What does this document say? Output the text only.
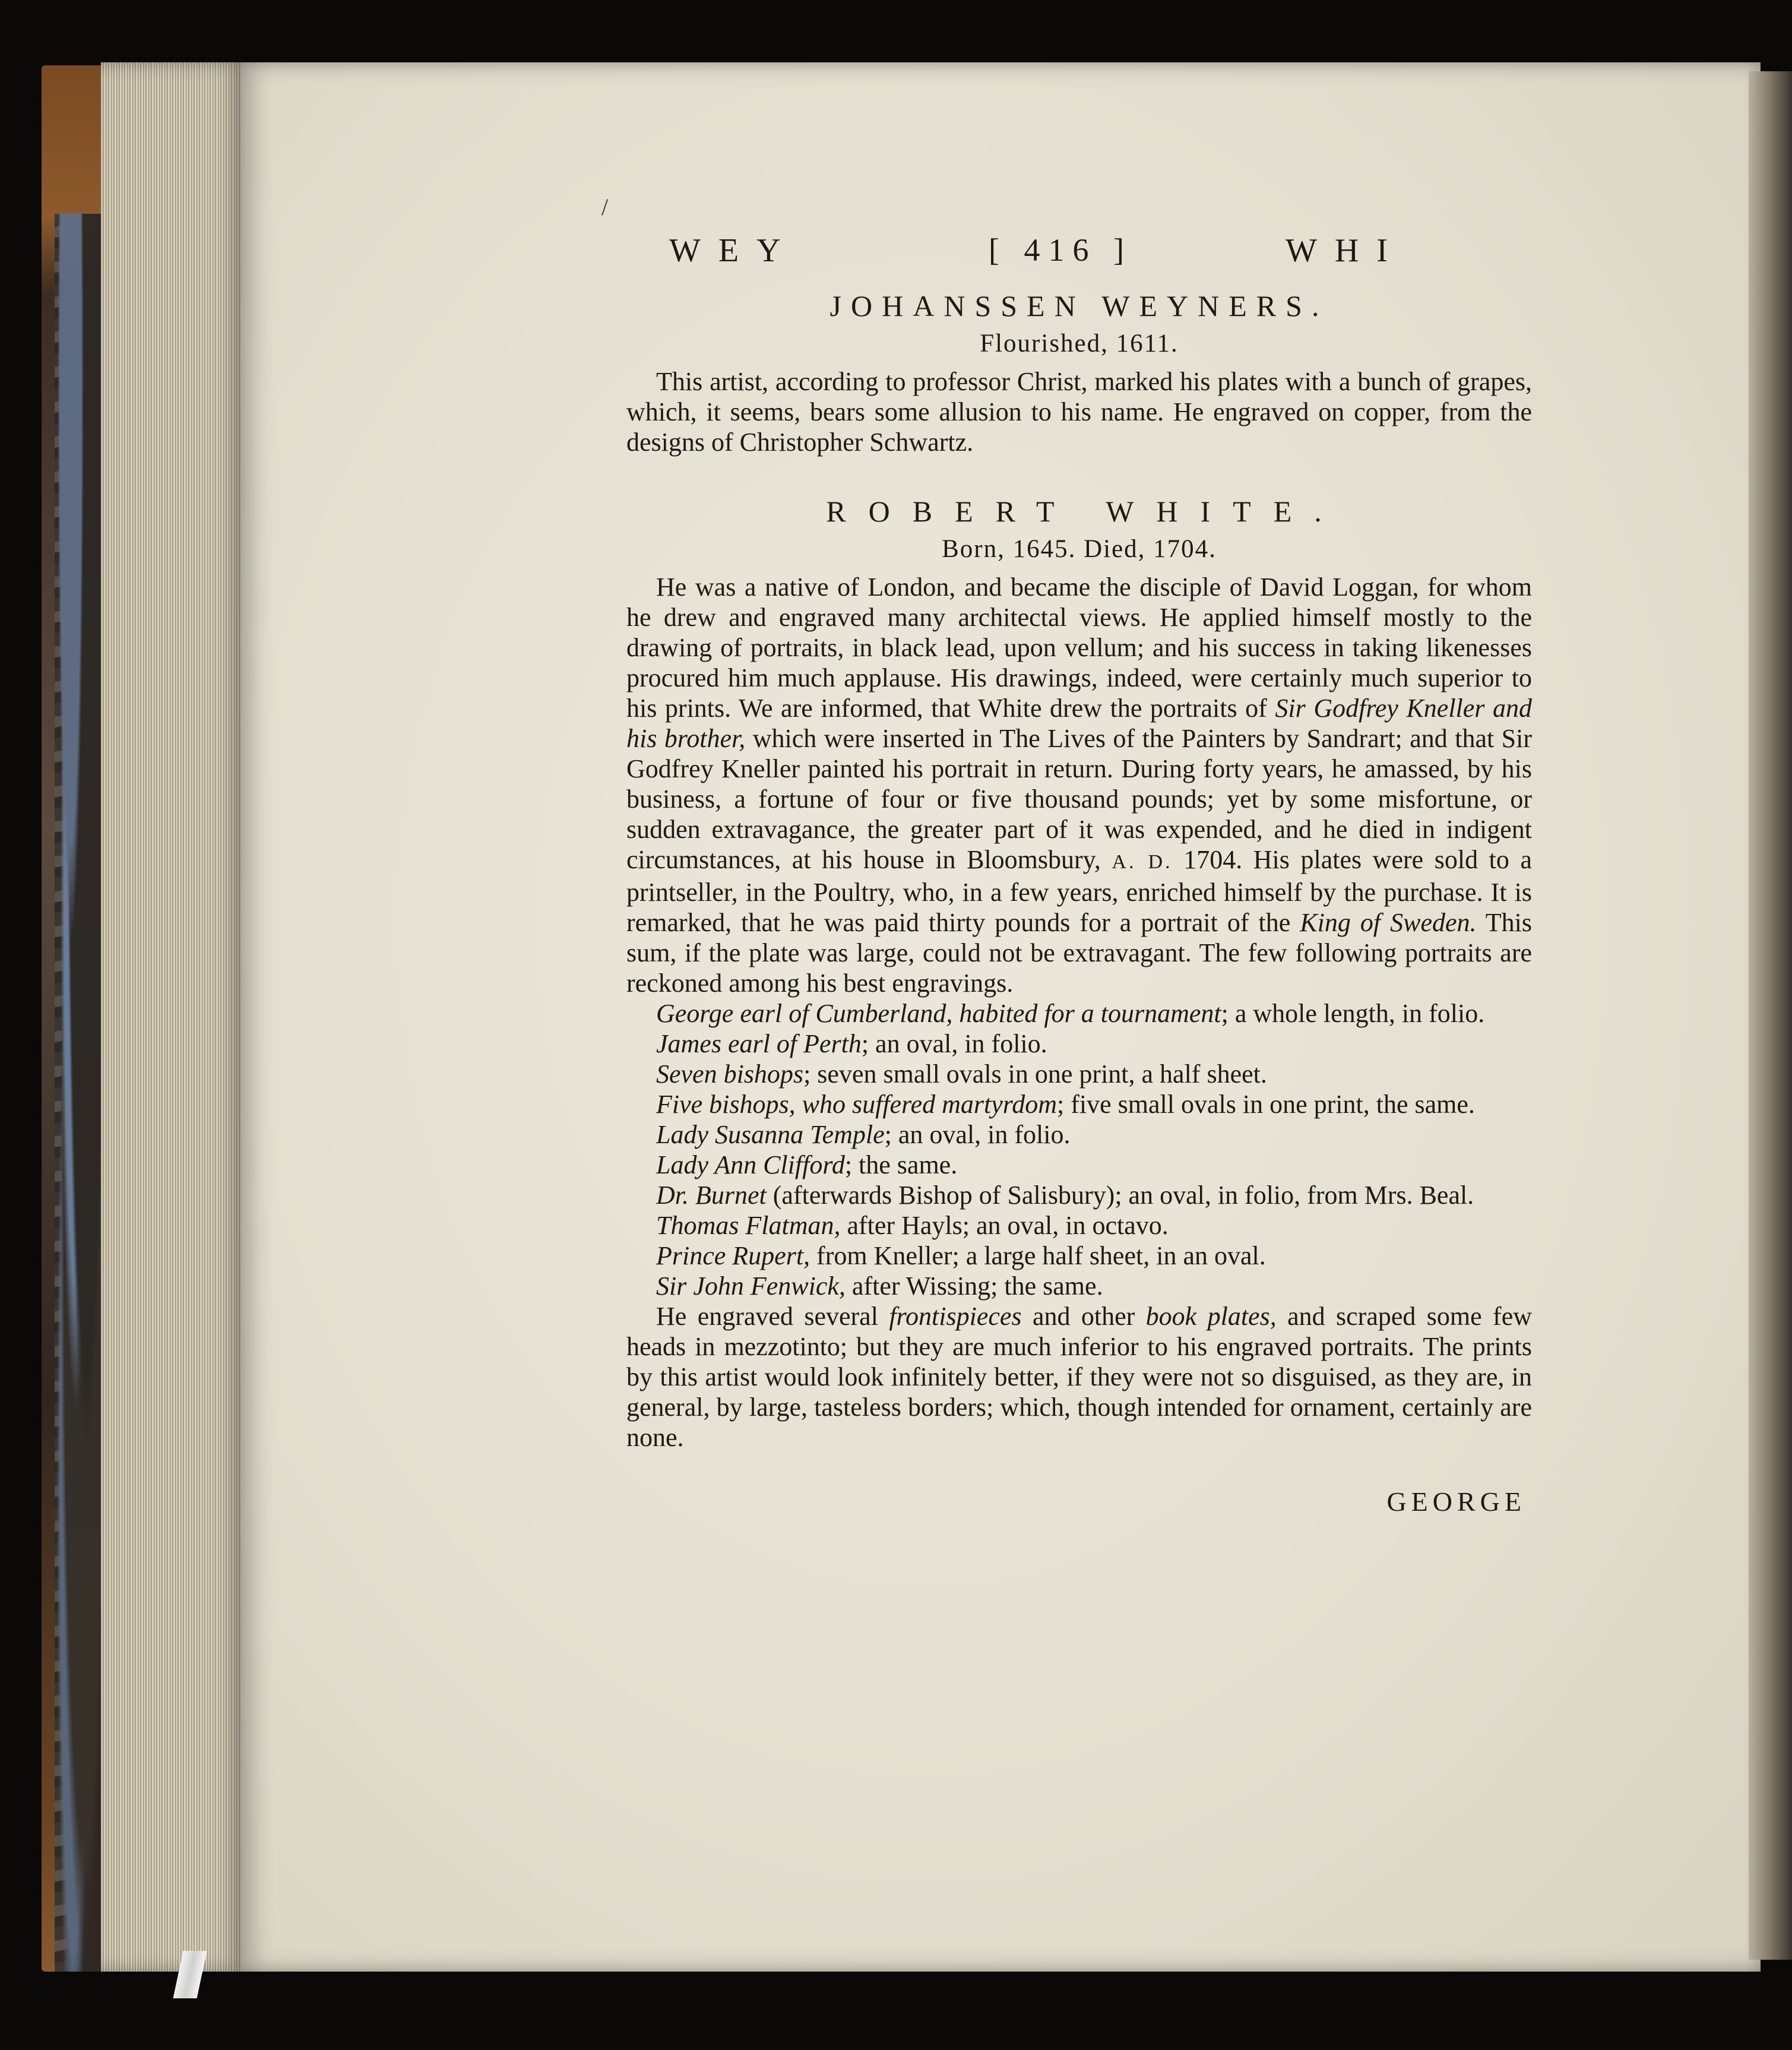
/
WEY	[ 416 ]	WHI
JOHANSSEN WEYNERS.
Flourished, 1611.

This artist, according to professor Christ, marked his plates with a bunch of grapes, which, it seems, bears some allusion to his name. He engraved on copper, from the designs of Christopher Schwartz.

ROBERT WHITE.
Born, 1645. Died, 1704.

He was a native of London, and became the disciple of David Loggan, for whom he drew and engraved many architectal views. He applied himself mostly to the drawing of portraits, in black lead, upon vellum; and his success in taking likenesses procured him much applause. His drawings, indeed, were certainly much superior to his prints. We are informed, that White drew the portraits of Sir Godfrey Kneller and his brother, which were inserted in The Lives of the Painters by Sandrart; and that Sir Godfrey Kneller painted his portrait in return. During forty years, he amassed, by his business, a fortune of four or five thousand pounds; yet by some misfortune, or sudden extravagance, the greater part of it was expended, and he died in indigent circumstances, at his house in Bloomsbury, A. D. 1704. His plates were sold to a printseller, in the Poultry, who, in a few years, enriched himself by the purchase. It is remarked, that he was paid thirty pounds for a portrait of the King of Sweden. This sum, if the plate was large, could not be extravagant. The few following portraits are reckoned among his best engravings.

George earl of Cumberland, habited for a tournament; a whole length, in folio.

James earl of Perth; an oval, in folio.

Seven bishops; seven small ovals in one print, a half sheet.

Five bishops, who suffered martyrdom; five small ovals in one print, the same.

Lady Susanna Temple; an oval, in folio.

Lady Ann Clifford; the same.

Dr. Burnet (afterwards Bishop of Salisbury); an oval, in folio, from Mrs. Beal.

Thomas Flatman, after Hayls; an oval, in octavo.

Prince Rupert, from Kneller; a large half sheet, in an oval.

Sir John Fenwick, after Wissing; the same.

He engraved several frontispieces and other book plates, and scraped some few heads in mezzotinto; but they are much inferior to his engraved portraits. The prints by this artist would look infinitely better, if they were not so disguised, as they are, in general, by large, tasteless borders; which, though intended for ornament, certainly are none.

GEORGE
